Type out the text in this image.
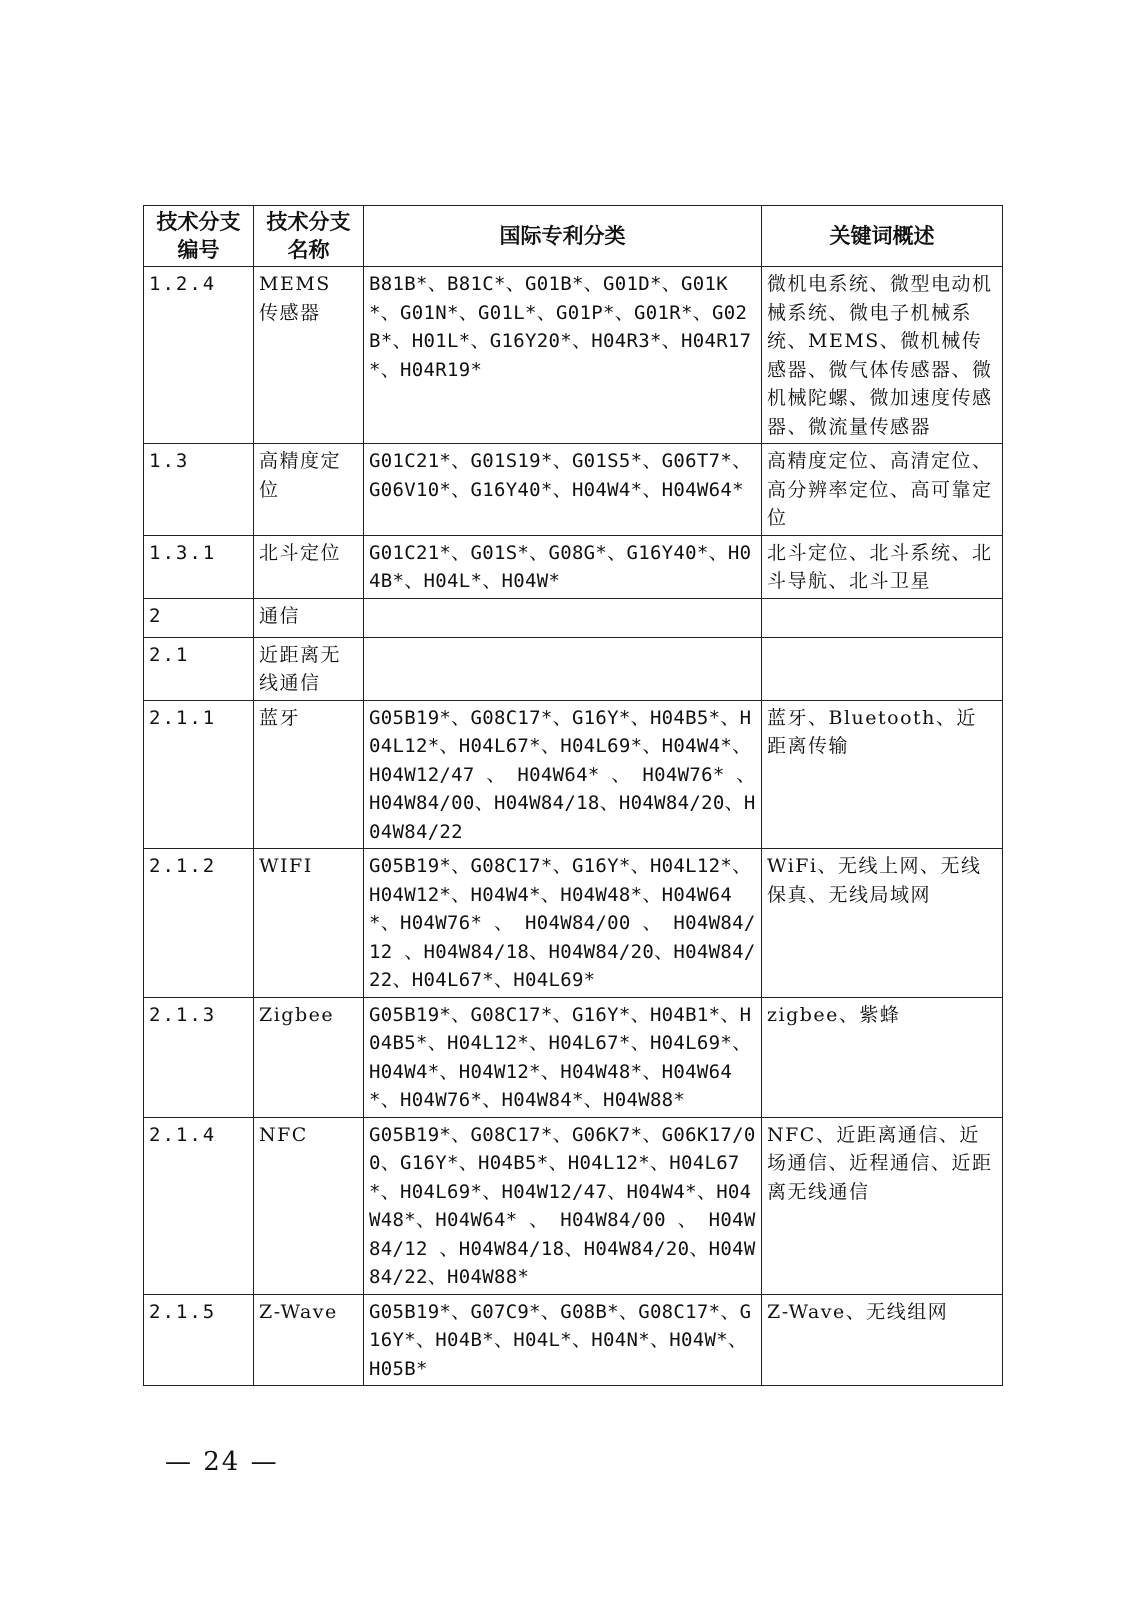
技术分支编号	技术分支名称	国际专利分类	关键词概述
1.2.4	MEMS 传感器	B81B*、B81C*、G01B*、G01D*、G01K*、G01N*、G01L*、G01P*、G01R*、G02B*、H01L*、G16Y20*、H04R3*、H04R17*、H04R19*	微机电系统、微型电动机械系统、微电子机械系统、MEMS、微机械传感器、微气体传感器、微机械陀螺、微加速度传感器、微流量传感器
1.3	高精度定位	G01C21*、G01S19*、G01S5*、G06T7*、G06V10*、G16Y40*、H04W4*、H04W64*	高精度定位、高清定位、高分辨率定位、高可靠定位
1.3.1	北斗定位	G01C21*、G01S*、G08G*、G16Y40*、H04B*、H04L*、H04W*	北斗定位、北斗系统、北斗导航、北斗卫星
2	通信		
2.1	近距离无线通信		
2.1.1	蓝牙	G05B19*、G08C17*、G16Y*、H04B5*、H04L12*、H04L67*、H04L69*、H04W4*、H04W12/47 、 H04W64* 、 H04W76* 、H04W84/00、H04W84/18、H04W84/20、H04W84/22	蓝牙、Bluetooth、近距离传输
2.1.2	WIFI	G05B19*、G08C17*、G16Y*、H04L12*、H04W12*、H04W4*、H04W48*、H04W64*、H04W76* 、 H04W84/00 、 H04W84/12 、H04W84/18、H04W84/20、H04W84/22、H04L67*、H04L69*	WiFi、无线上网、无线保真、无线局域网
2.1.3	Zigbee	G05B19*、G08C17*、G16Y*、H04B1*、H04B5*、H04L12*、H04L67*、H04L69*、H04W4*、H04W12*、H04W48*、H04W64*、H04W76*、H04W84*、H04W88*	zigbee、紫蜂
2.1.4	NFC	G05B19*、G08C17*、G06K7*、G06K17/00、G16Y*、H04B5*、H04L12*、H04L67*、H04L69*、H04W12/47、H04W4*、H04W48*、H04W64* 、 H04W84/00 、 H04W84/12 、H04W84/18、H04W84/20、H04W84/22、H04W88*	NFC、近距离通信、近场通信、近程通信、近距离无线通信
2.1.5	Z-Wave	G05B19*、G07C9*、G08B*、G08C17*、G16Y*、H04B*、H04L*、H04N*、H04W*、H05B*	Z-Wave、无线组网
— 24 —
